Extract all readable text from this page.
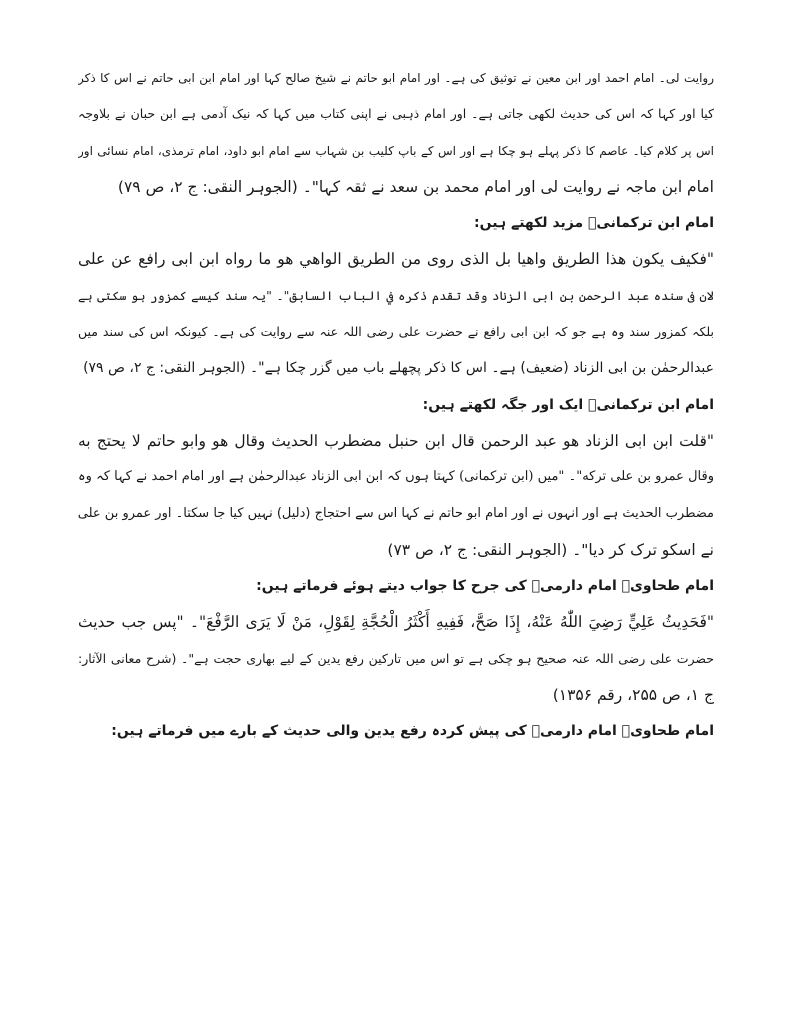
روایت لی۔ امام احمد اور ابن معین نے توثیق کی ہے۔ اور امام ابو حاتم نے شیخ صالح کہا اور امام ابن ابی حاتم نے اس کا ذکر
کیا اور کہا کہ اس کی حدیث لکھی جاتی ہے۔ اور امام ذہبی نے اپنی کتاب میں کہا کہ نیک آدمی ہے ابن حبان نے بلاوجہ
اس پر کلام کیا۔ عاصم کا ذکر پہلے ہو چکا ہے اور اس کے باپ کلیب بن شہاب سے امام ابو داود، امام ترمذی، امام نسائی اور
امام ابن ماجہ نے روایت لی اور امام محمد بن سعد نے ثقہ کہا"۔ (الجوہر النقی: ج ۲، ص ۷۹)
امام ابن ترکمانیؒ مزید لکھتے ہیں:
"فكيف يكون هذا الطريق واهيا بل الذى روى من الطريق الواهي هو ما رواه ابن ابى رافع عن على
لان فى سنده عبد الرحمن بن ابى الزناد وقد تقدم ذكره في الباب السابق"۔ "یہ سند کیسے کمزور ہو سکتی ہے
بلکہ کمزور سند وہ ہے جو کہ ابن ابی رافع نے حضرت علی رضی اللہ عنہ سے روایت کی ہے۔ کیونکہ اس کی سند میں
عبدالرحمٰن بن ابی الزناد (ضعیف) ہے۔ اس کا ذکر پچھلے باب میں گزر چکا ہے"۔ (الجوہر النقی: ج ۲، ص ۷۹)
امام ابن ترکمانیؒ ایک اور جگہ لکھتے ہیں:
"قلت ابن ابى الزناد هو عبد الرحمن قال ابن حنبل مضطرب الحديث وقال هو وابو حاتم لا يحتج به
وقال عمرو بن على تركه"۔ "میں (ابن ترکمانی) کہتا ہوں کہ ابن ابی الزناد عبدالرحمٰن ہے اور امام احمد نے کہا کہ وہ
مضطرب الحدیث ہے اور انہوں نے اور امام ابو حاتم نے کہا اس سے احتجاج (دلیل) نہیں کیا جا سکتا۔ اور عمرو بن علی
نے اسکو ترک کر دیا"۔ (الجوہر النقی: ج ۲، ص ۷۳)
امام طحاویؒ امام دارمیؒ کی جرح کا جواب دیتے ہوئے فرماتے ہیں:
"فَحَدِيثُ عَلِيٍّ رَضِيَ اللّٰهُ عَنْهُ، إِذَا صَحَّ، فَفِيهِ أَكْثَرُ الْحُجَّةِ لِقَوْلِ، مَنْ لَا يَرَى الرَّفْعَ"۔ "پس جب حدیث
حضرت علی رضی اللہ عنہ صحیح ہو چکی ہے تو اس میں تارکین رفع یدین کے لیے بھاری حجت ہے"۔ (شرح معانی الآثار:
ج ۱، ص ۲۵۵، رقم ۱۳۵۶)
امام طحاویؒ امام دارمیؒ کی پیش کردہ رفع یدین والی حدیث کے بارے میں فرماتے ہیں:
